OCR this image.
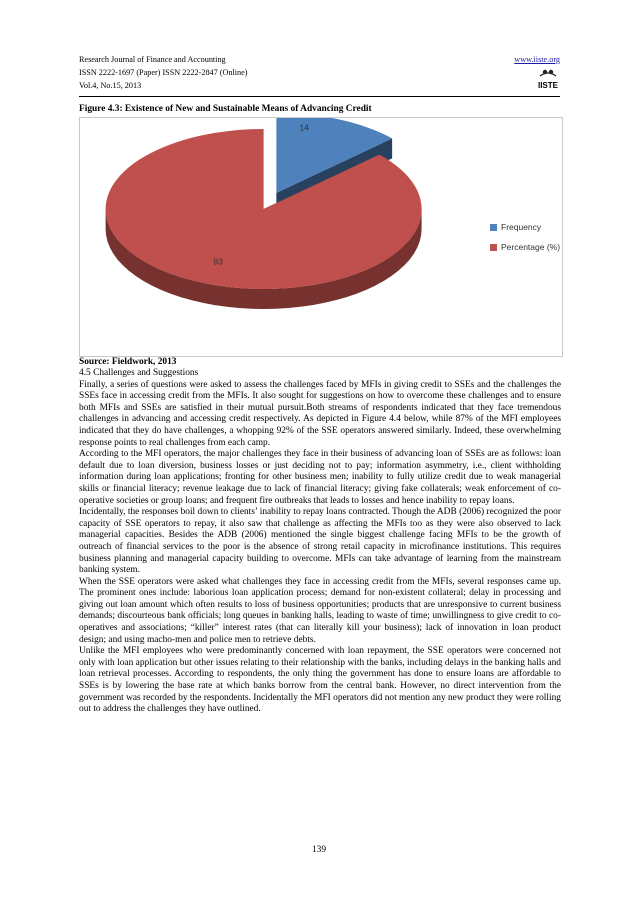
Research Journal of Finance and Accounting
ISSN 2222-1697 (Paper) ISSN 2222-2847 (Online)
Vol.4, No.15, 2013
www.iiste.org
IISTE
Figure 4.3: Existence of New and Sustainable Means of Advancing Credit
14
93
Frequency
Percentage (%)
Source: Fieldwork, 2013

4.5 Challenges and Suggestions

Finally, a series of questions were asked to assess the challenges faced by MFIs in giving credit to SSEs and the challenges the SSEs face in accessing credit from the MFIs. It also sought for suggestions on how to overcome these challenges and to ensure both MFIs and SSEs are satisfied in their mutual pursuit.Both streams of respondents indicated that they face tremendous challenges in advancing and accessing credit respectively. As depicted in Figure 4.4 below, while 87% of the MFI employees indicated that they do have challenges, a whopping 92% of the SSE operators answered similarly. Indeed, these overwhelming response points to real challenges from each camp.

According to the MFI operators, the major challenges they face in their business of advancing loan of SSEs are as follows: loan default due to loan diversion, business losses or just deciding not to pay; information asymmetry, i.e., client withholding information during loan applications; fronting for other business men; inability to fully utilize credit due to weak managerial skills or financial literacy; revenue leakage due to lack of financial literacy; giving fake collaterals; weak enforcement of co-operative societies or group loans; and frequent fire outbreaks that leads to losses and hence inability to repay loans.

Incidentally, the responses boil down to clients’ inability to repay loans contracted. Though the ADB (2006) recognized the poor capacity of SSE operators to repay, it also saw that challenge as affecting the MFIs too as they were also observed to lack managerial capacities. Besides the ADB (2006) mentioned the single biggest challenge facing MFIs to be the growth of outreach of financial services to the poor is the absence of strong retail capacity in microfinance institutions. This requires business planning and managerial capacity building to overcome. MFIs can take advantage of learning from the mainstream banking system.

When the SSE operators were asked what challenges they face in accessing credit from the MFIs, several responses came up. The prominent ones include: laborious loan application process; demand for non-existent collateral; delay in processing and giving out loan amount which often results to loss of business opportunities; products that are unresponsive to current business demands; discourteous bank officials; long queues in banking halls, leading to waste of time; unwillingness to give credit to co-operatives and associations; “killer” interest rates (that can literally kill your business); lack of innovation in loan product design; and using macho-men and police men to retrieve debts.

Unlike the MFI employees who were predominantly concerned with loan repayment, the SSE operators were concerned not only with loan application but other issues relating to their relationship with the banks, including delays in the banking halls and loan retrieval processes. According to respondents, the only thing the government has done to ensure loans are affordable to SSEs is by lowering the base rate at which banks borrow from the central bank. However, no direct intervention from the government was recorded by the respondents. Incidentally the MFI operators did not mention any new product they were rolling out to address the challenges they have outlined.

139
